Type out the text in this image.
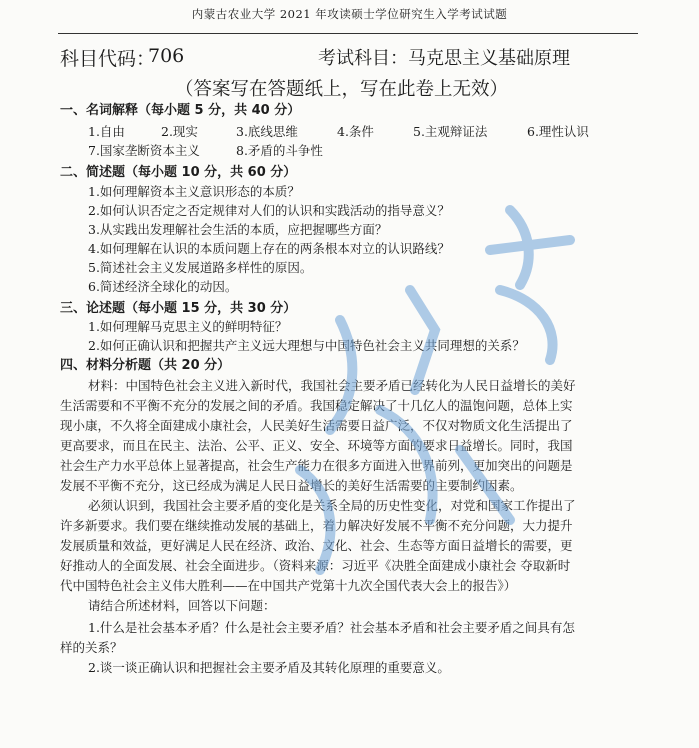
内蒙古农业大学 2021 年攻读硕士学位研究生入学考试试题
科目代码：
706	考试科目：马克思主义基础原理
（答案写在答题纸上，写在此卷上无效）
一、名词解释（每小题 5 分，共 40 分）
1.自由	2.现实	3.底线思维	4.条件	5.主观辩证法	6.理性认识
7.国家垄断资本主义	8.矛盾的斗争性
二、简述题（每小题 10 分，共 60 分）
1.如何理解资本主义意识形态的本质？
2.如何认识否定之否定规律对人们的认识和实践活动的指导意义？
3.从实践出发理解社会生活的本质，应把握哪些方面？
4.如何理解在认识的本质问题上存在的两条根本对立的认识路线？
5.简述社会主义发展道路多样性的原因。
6.简述经济全球化的动因。
三、论述题（每小题 15 分，共 30 分）
1.如何理解马克思主义的鲜明特征？
2.如何正确认识和把握共产主义远大理想与中国特色社会主义共同理想的关系？
四、材料分析题（共 20 分）
材料：中国特色社会主义进入新时代，我国社会主要矛盾已经转化为人民日益增长的美好
生活需要和不平衡不充分的发展之间的矛盾。我国稳定解决了十几亿人的温饱问题，总体上实
现小康，不久将全面建成小康社会，人民美好生活需要日益广泛，不仅对物质文化生活提出了
更高要求，而且在民主、法治、公平、正义、安全、环境等方面的要求日益增长。同时，我国
社会生产力水平总体上显著提高，社会生产能力在很多方面进入世界前列，更加突出的问题是
发展不平衡不充分，这已经成为满足人民日益增长的美好生活需要的主要制约因素。
必须认识到，我国社会主要矛盾的变化是关系全局的历史性变化，对党和国家工作提出了
许多新要求。我们要在继续推动发展的基础上，着力解决好发展不平衡不充分问题，大力提升
发展质量和效益，更好满足人民在经济、政治、文化、社会、生态等方面日益增长的需要，更
好推动人的全面发展、社会全面进步。（资料来源：习近平《决胜全面建成小康社会 夺取新时
代中国特色社会主义伟大胜利——在中国共产党第十九次全国代表大会上的报告》）
请结合所述材料，回答以下问题：
1.什么是社会基本矛盾？什么是社会主要矛盾？社会基本矛盾和社会主要矛盾之间具有怎
样的关系？
2.谈一谈正确认识和把握社会主要矛盾及其转化原理的重要意义。
